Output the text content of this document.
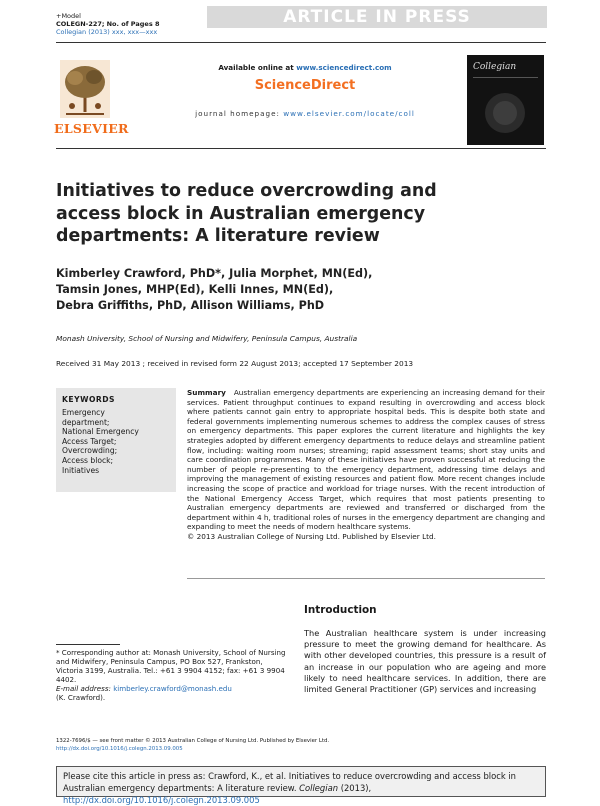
+Model
COLEGN-227; No. of Pages 8
Collegian (2013) xxx, xxx—xxx
ARTICLE IN PRESS
ELSEVIER
Available online at www.sciencedirect.com
ScienceDirect
journal homepage: www.elsevier.com/locate/coll
Collegian
Initiatives to reduce overcrowding and access block in Australian emergency departments: A literature review
Kimberley Crawford, PhD*, Julia Morphet, MN(Ed),
Tamsin Jones, MHP(Ed), Kelli Innes, MN(Ed),
Debra Griffiths, PhD, Allison Williams, PhD
Monash University, School of Nursing and Midwifery, Peninsula Campus, Australia
Received 31 May 2013 ; received in revised form 22 August 2013; accepted 17 September 2013
KEYWORDS
Emergency
department;
National Emergency
Access Target;
Overcrowding;
Access block;
Initiatives
Summary Australian emergency departments are experiencing an increasing demand for their services. Patient throughput continues to expand resulting in overcrowding and access block where patients cannot gain entry to appropriate hospital beds. This is despite both state and federal governments implementing numerous schemes to address the complex causes of stress on emergency departments. This paper explores the current literature and highlights the key strategies adopted by different emergency departments to reduce delays and streamline patient flow, including: waiting room nurses; streaming; rapid assessment teams; short stay units and care coordination programmes. Many of these initiatives have proven successful at reducing the number of people re-presenting to the emergency department, addressing time delays and improving the management of existing resources and patient flow. More recent changes include increasing the scope of practice and workload for triage nurses. With the recent introduction of the National Emergency Access Target, which requires that most patients presenting to Australian emergency departments are reviewed and transferred or discharged from the department within 4 h, traditional roles of nurses in the emergency department are changing and expanding to meet the needs of modern healthcare systems.
© 2013 Australian College of Nursing Ltd. Published by Elsevier Ltd.
Introduction
The Australian healthcare system is under increasing pressure to meet the growing demand for healthcare. As with other developed countries, this pressure is a result of an increase in our population who are ageing and more likely to need healthcare services. In addition, there are limited General Practitioner (GP) services and increasing
* Corresponding author at: Monash University, School of Nursing and Midwifery, Peninsula Campus, PO Box 527, Frankston, Victoria 3199, Australia. Tel.: +61 3 9904 4152; fax: +61 3 9904 4402.
E-mail address: kimberley.crawford@monash.edu
(K. Crawford).
1322-7696/$ — see front matter © 2013 Australian College of Nursing Ltd. Published by Elsevier Ltd.
http://dx.doi.org/10.1016/j.colegn.2013.09.005
Please cite this article in press as: Crawford, K., et al. Initiatives to reduce overcrowding and access block in Australian emergency departments: A literature review. Collegian (2013), http://dx.doi.org/10.1016/j.colegn.2013.09.005
